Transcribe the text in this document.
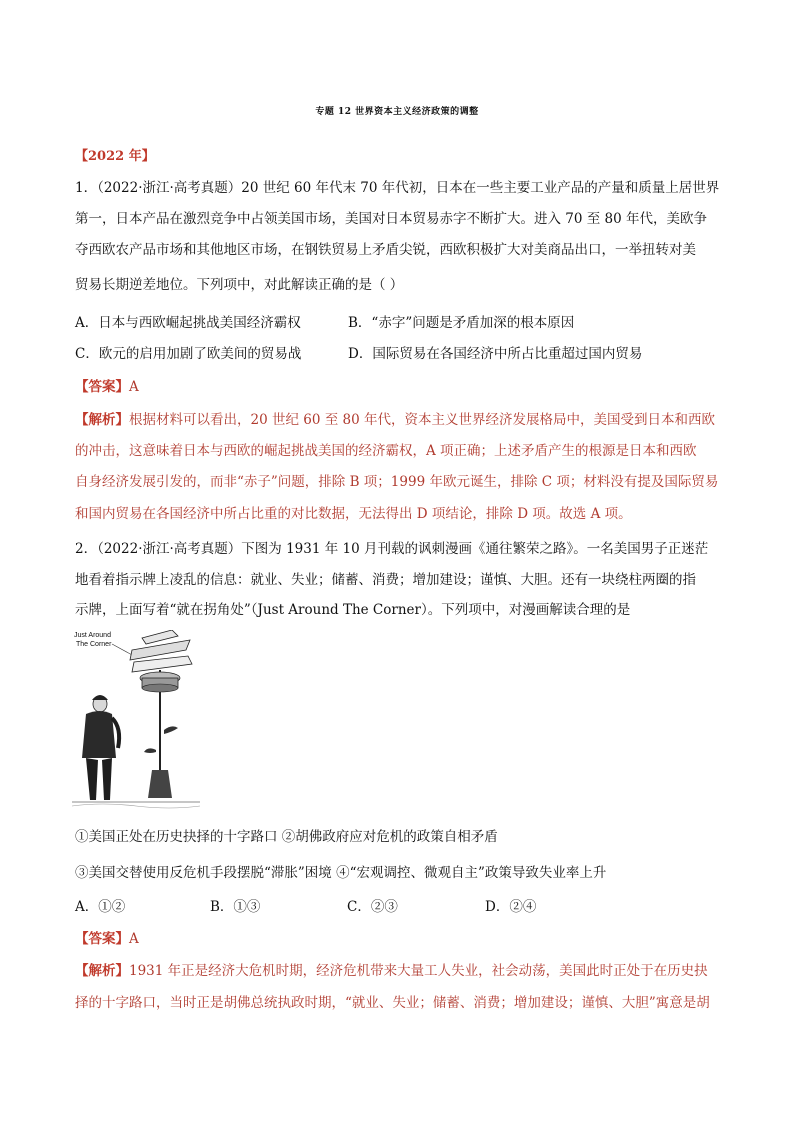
专题 12 世界资本主义经济政策的调整
【2022 年】
1．（2022·浙江·高考真题）20 世纪 60 年代末 70 年代初，日本在一些主要工业产品的产量和质量上居世界
第一，日本产品在激烈竞争中占领美国市场，美国对日本贸易赤字不断扩大。进入 70 至 80 年代，美欧争
夺西欧农产品市场和其他地区市场，在钢铁贸易上矛盾尖锐，西欧积极扩大对美商品出口，一举扭转对美
贸易长期逆差地位。下列项中，对此解读正确的是（ ）
A．日本与西欧崛起挑战美国经济霸权	B．“赤字”问题是矛盾加深的根本原因
C．欧元的启用加剧了欧美间的贸易战	D．国际贸易在各国经济中所占比重超过国内贸易
【答案】A
【解析】根据材料可以看出，20 世纪 60 至 80 年代，资本主义世界经济发展格局中，美国受到日本和西欧
的冲击，这意味着日本与西欧的崛起挑战美国的经济霸权，A 项正确；上述矛盾产生的根源是日本和西欧
自身经济发展引发的，而非“赤子”问题，排除 B 项；1999 年欧元诞生，排除 C 项；材料没有提及国际贸易
和国内贸易在各国经济中所占比重的对比数据，无法得出 D 项结论，排除 D 项。故选 A 项。
2．（2022·浙江·高考真题）下图为 1931 年 10 月刊载的讽刺漫画《通往繁荣之路》。一名美国男子正迷茫
地看着指示牌上凌乱的信息：就业、失业；储蓄、消费；增加建设；谨慎、大胆。还有一块绕柱两圈的指
示牌，上面写着“就在拐角处”（Just Around The Corner）。下列项中，对漫画解读合理的是
Just Around
The Corner
①美国正处在历史抉择的十字路口 ②胡佛政府应对危机的政策自相矛盾
③美国交替使用反危机手段摆脱“滞胀”困境 ④“宏观调控、微观自主”政策导致失业率上升
A．①②	B．①③	C．②③	D．②④
【答案】A
【解析】1931 年正是经济大危机时期，经济危机带来大量工人失业，社会动荡，美国此时正处于在历史抉
择的十字路口，当时正是胡佛总统执政时期，“就业、失业；储蓄、消费；增加建设；谨慎、大胆”寓意是胡
